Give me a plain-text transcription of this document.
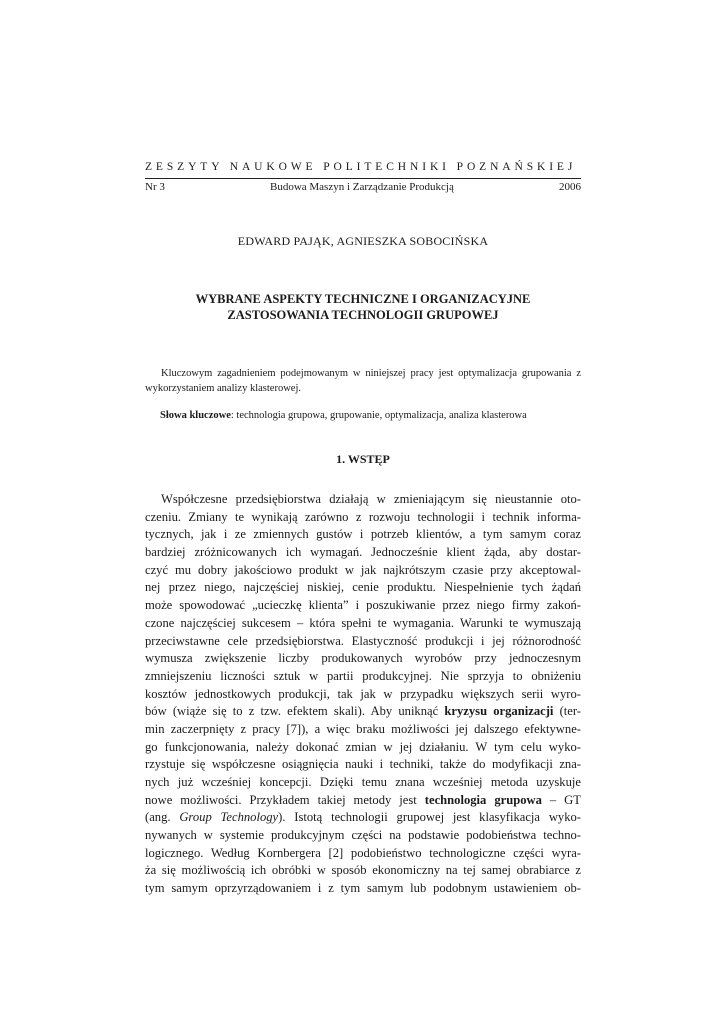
ZESZYTY NAUKOWE POLITECHNIKI POZNAŃSKIEJ
Nr 3	Budowa Maszyn i Zarządzanie Produkcją	2006
EDWARD PAJĄK, AGNIESZKA SOBOCIŃSKA
WYBRANE ASPEKTY TECHNICZNE I ORGANIZACYJNE
ZASTOSOWANIA TECHNOLOGII GRUPOWEJ

Kluczowym zagadnieniem podejmowanym w niniejszej pracy jest optymalizacja grupowania z wykorzystaniem analizy klasterowej.

Słowa kluczowe: technologia grupowa, grupowanie, optymalizacja, analiza klasterowa
1. WSTĘP
Współczesne przedsiębiorstwa działają w zmieniającym się nieustannie oto-
czeniu. Zmiany te wynikają zarówno z rozwoju technologii i technik informa-
tycznych, jak i ze zmiennych gustów i potrzeb klientów, a tym samym coraz
bardziej zróżnicowanych ich wymagań. Jednocześnie klient żąda, aby dostar-
czyć mu dobry jakościowo produkt w jak najkrótszym czasie przy akceptowal-
nej przez niego, najczęściej niskiej, cenie produktu. Niespełnienie tych żądań
może spowodować „ucieczkę klienta” i poszukiwanie przez niego firmy zakoń-
czone najczęściej sukcesem – która spełni te wymagania. Warunki te wymuszają
przeciwstawne cele przedsiębiorstwa. Elastyczność produkcji i jej różnorodność
wymusza zwiększenie liczby produkowanych wyrobów przy jednoczesnym
zmniejszeniu liczności sztuk w partii produkcyjnej. Nie sprzyja to obniżeniu
kosztów jednostkowych produkcji, tak jak w przypadku większych serii wyro-
bów (wiąże się to z tzw. efektem skali). Aby uniknąć kryzysu organizacji (ter-
min zaczerpnięty z pracy [7]), a więc braku możliwości jej dalszego efektywne-
go funkcjonowania, należy dokonać zmian w jej działaniu. W tym celu wyko-
rzystuje się współczesne osiągnięcia nauki i techniki, także do modyfikacji zna-
nych już wcześniej koncepcji. Dzięki temu znana wcześniej metoda uzyskuje
nowe możliwości. Przykładem takiej metody jest technologia grupowa – GT
(ang. Group Technology). Istotą technologii grupowej jest klasyfikacja wyko-
nywanych w systemie produkcyjnym części na podstawie podobieństwa techno-
logicznego. Według Kornbergera [2] podobieństwo technologiczne części wyra-
ża się możliwością ich obróbki w sposób ekonomiczny na tej samej obrabiarce z
tym samym oprzyrządowaniem i z tym samym lub podobnym ustawieniem ob-
